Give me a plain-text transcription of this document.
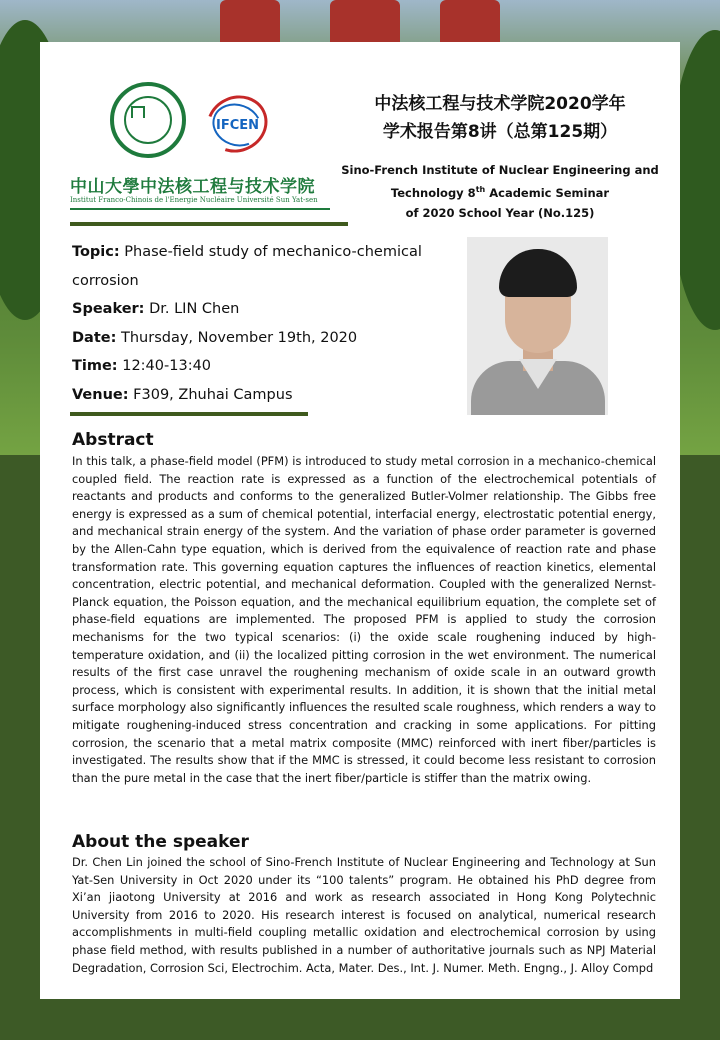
IFCEN
中山大學中法核工程与技术学院
Institut Franco-Chinois de l'Energie Nucléaire Université Sun Yat-sen
中法核工程与技术学院2020学年
学术报告第8讲（总第125期）
Sino-French Institute of Nuclear Engineering and
Technology 8th Academic Seminar
of 2020 School Year (No.125)
Topic: Phase-field study of mechanico-chemical corrosion
Speaker: Dr. LIN Chen
Date: Thursday, November 19th, 2020
Time: 12:40-13:40
Venue: F309, Zhuhai Campus
Abstract
In this talk, a phase-field model (PFM) is introduced to study metal corrosion in a mechanico-chemical coupled field. The reaction rate is expressed as a function of the electrochemical potentials of reactants and products and conforms to the generalized Butler-Volmer relationship. The Gibbs free energy is expressed as a sum of chemical potential, interfacial energy, electrostatic potential energy, and mechanical strain energy of the system. And the variation of phase order parameter is governed by the Allen-Cahn type equation, which is derived from the equivalence of reaction rate and phase transformation rate. This governing equation captures the influences of reaction kinetics, elemental concentration, electric potential, and mechanical deformation. Coupled with the generalized Nernst-Planck equation, the Poisson equation, and the mechanical equilibrium equation, the complete set of phase-field equations are implemented. The proposed PFM is applied to study the corrosion mechanisms for the two typical scenarios: (i) the oxide scale roughening induced by high-temperature oxidation, and (ii) the localized pitting corrosion in the wet environment. The numerical results of the first case unravel the roughening mechanism of oxide scale in an outward growth process, which is consistent with experimental results. In addition, it is shown that the initial metal surface morphology also significantly influences the resulted scale roughness, which renders a way to mitigate roughening-induced stress concentration and cracking in some applications. For pitting corrosion, the scenario that a metal matrix composite (MMC) reinforced with inert fiber/particles is investigated. The results show that if the MMC is stressed, it could become less resistant to corrosion than the pure metal in the case that the inert fiber/particle is stiffer than the matrix owing.
About the speaker
Dr. Chen Lin joined the school of Sino-French Institute of Nuclear Engineering and Technology at Sun Yat-Sen University in Oct 2020 under its “100 talents” program. He obtained his PhD degree from Xi’an jiaotong University at 2016 and work as research associated in Hong Kong Polytechnic University from 2016 to 2020. His research interest is focused on analytical, numerical research accomplishments in multi-field coupling metallic oxidation and electrochemical corrosion by using phase field method, with results published in a number of authoritative journals such as NPJ Material Degradation, Corrosion Sci, Electrochim. Acta, Mater. Des., Int. J. Numer. Meth. Engng., J. Alloy Compd
